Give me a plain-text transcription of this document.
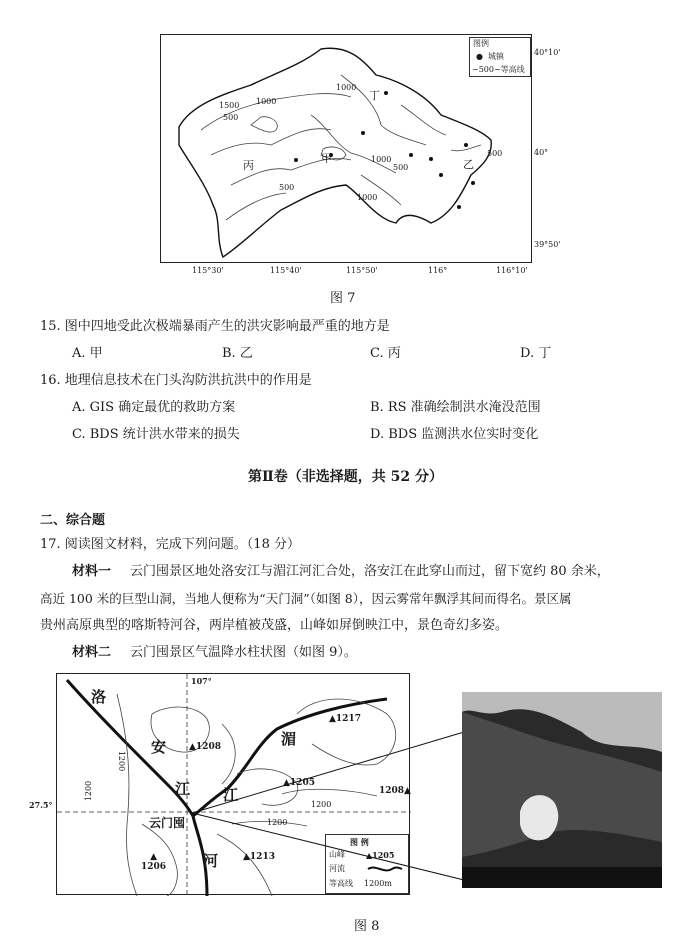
图例
● 城镇
~500~等高线
甲	乙
丙
丁
1500 1000
500
1000
1000
500
1000
500
500
40°10'
40°
39°50'
115°30'	115°40'	115°50'	116°	116°10'
图 7
15. 图中四地受此次极端暴雨产生的洪灾影响最严重的地方是
A. 甲	B. 乙	C. 丙	D. 丁
16. 地理信息技术在门头沟防洪抗洪中的作用是
A. GIS 确定最优的救助方案	B. RS 准确绘制洪水淹没范围
C. BDS 统计洪水带来的损失	D. BDS 监测洪水位实时变化
第Ⅱ卷（非选择题，共 52 分）
二、综合题
17. 阅读图文材料，完成下列问题。（18 分）
材料一 云门囤景区地处洛安江与湄江河汇合处，洛安江在此穿山而过，留下宽约 80 余米，
高近 100 米的巨型山洞，当地人便称为“天门洞”（如图 8），因云雾常年飘浮其间而得名。景区属
贵州高原典型的喀斯特河谷，两岸植被茂盛，山峰如屏倒映江中，景色奇幻多姿。
材料二 云门囤景区气温降水柱状图（如图 9）。
洛
安
江
湄
江
河
云门囤
▲1217
▲1208
▲1205
1208▲
▲
1206
▲1213
1200
1200
1200
1200
107°
27.5°
图 例
山峰	▲1205
河流
等高线 1200m
图 8
